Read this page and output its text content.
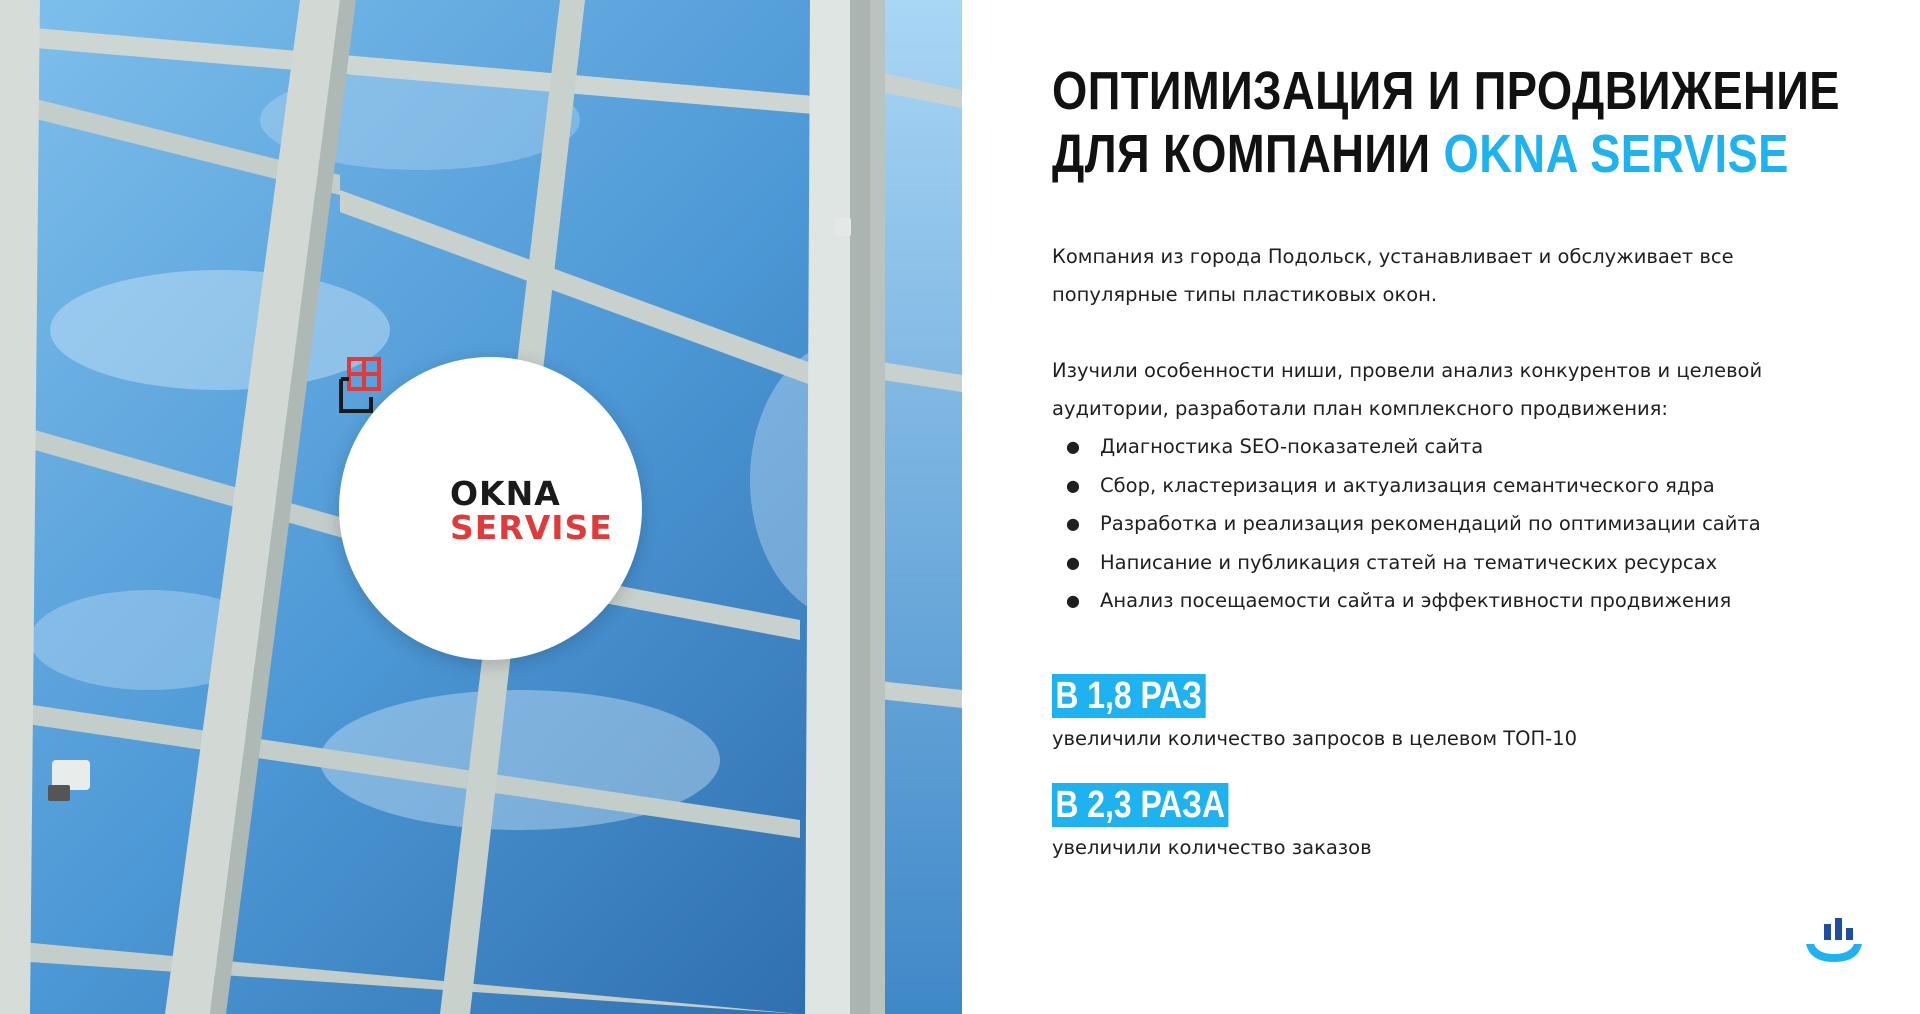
OKNA
SERVISE
ОПТИМИЗАЦИЯ И ПРОДВИЖЕНИЕ
ДЛЯ КОМПАНИИ OKNA SERVISE
Компания из города Подольск, устанавливает и обслуживает все популярные типы пластиковых окон.
Изучили особенности ниши, провели анализ конкурентов и целевой аудитории, разработали план комплексного продвижения:
● Диагностика SEO-показателей сайта
● Сбор, кластеризация и актуализация семантического ядра
● Разработка и реализация рекомендаций по оптимизации сайта
● Написание и публикация статей на тематических ресурсах
● Анализ посещаемости сайта и эффективности продвижения
В 1,8 РАЗ
увеличили количество запросов в целевом ТОП-10
В 2,3 РАЗА
увеличили количество заказов
